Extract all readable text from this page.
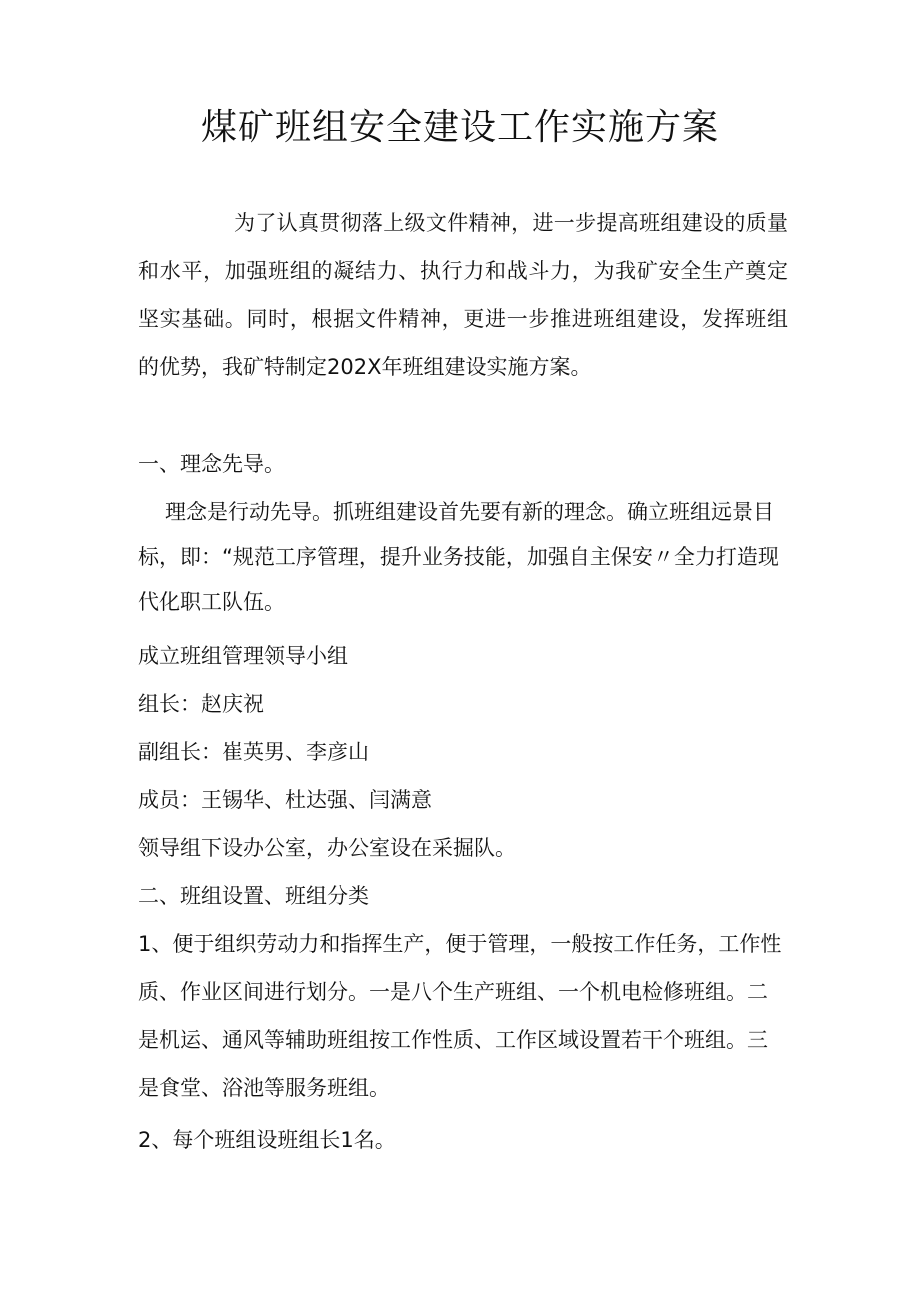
煤矿班组安全建设工作实施方案

为了认真贯彻落上级文件精神，进一步提高班组建设的质量和水平，加强班组的凝结力、执行力和战斗力，为我矿安全生产奠定坚实基础。同时，根据文件精神，更进一步推进班组建设，发挥班组的优势，我矿特制定202X年班组建设实施方案。

一、理念先导。

理念是行动先导。抓班组建设首先要有新的理念。确立班组远景目标，即：“规范工序管理，提升业务技能，加强自主保安〃全力打造现代化职工队伍。

成立班组管理领导小组

组长：赵庆祝

副组长：崔英男、李彦山

成员：王锡华、杜达强、闫满意

领导组下设办公室，办公室设在采掘队。

二、班组设置、班组分类

1、便于组织劳动力和指挥生产，便于管理，一般按工作任务，工作性质、作业区间进行划分。一是八个生产班组、一个机电检修班组。二是机运、通风等辅助班组按工作性质、工作区域设置若干个班组。三是食堂、浴池等服务班组。

2、每个班组设班组长1名。
